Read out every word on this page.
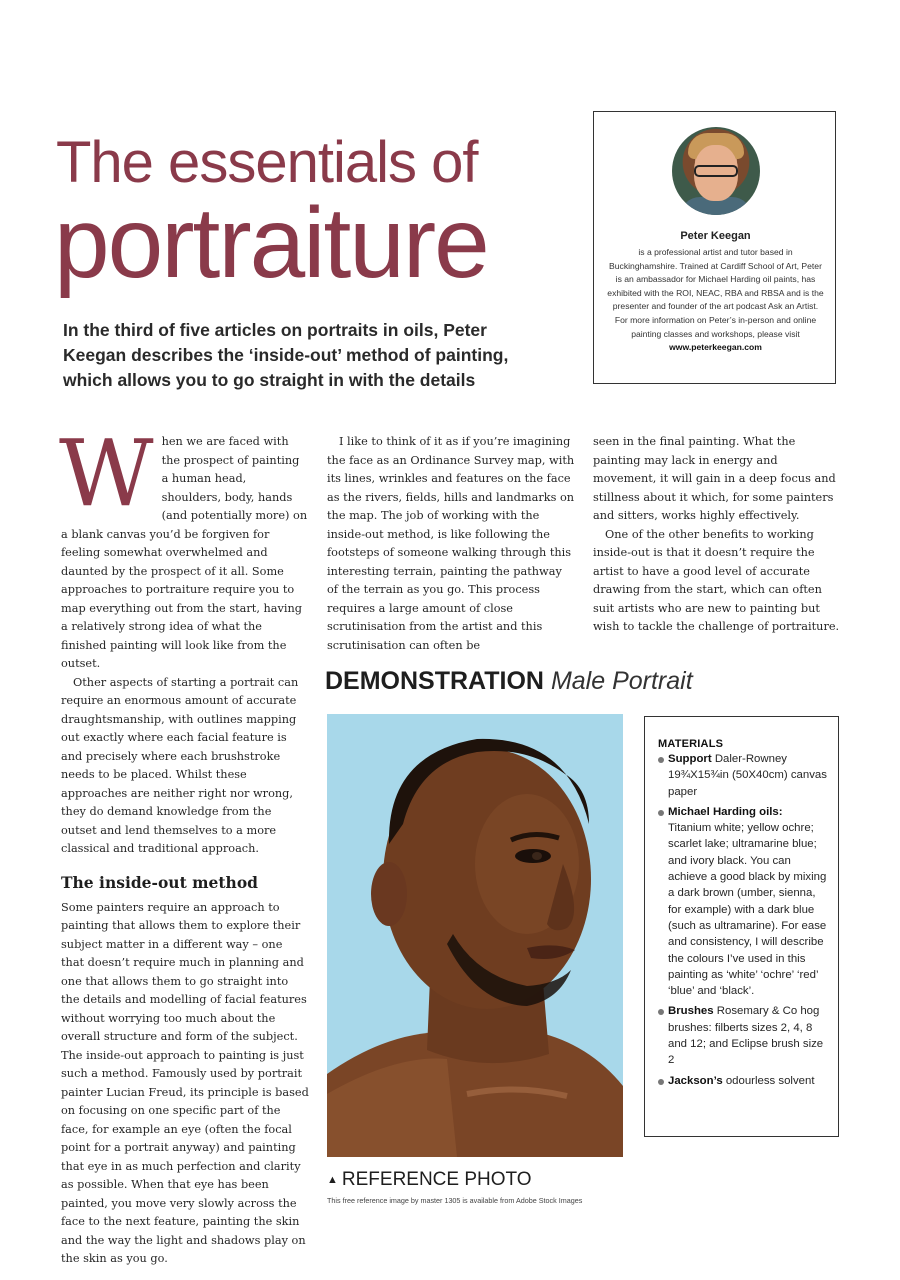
The essentials of
portraiture

In the third of five articles on portraits in oils, Peter Keegan describes the ‘inside-out’ method of painting, which allows you to go straight in with the details

Peter Keegan
is a professional artist and tutor based in Buckinghamshire. Trained at Cardiff School of Art, Peter is an ambassador for Michael Harding oil paints, has exhibited with the ROI, NEAC, RBA and RBSA and is the presenter and founder of the art podcast Ask an Artist. For more information on Peter’s in-person and online painting classes and workshops, please visit www.peterkeegan.com

When we are faced with the prospect of painting a human head, shoulders, body, hands (and potentially more) on a blank canvas you’d be forgiven for feeling somewhat overwhelmed and daunted by the prospect of it all. Some approaches to portraiture require you to map everything out from the start, having a relatively strong idea of what the finished painting will look like from the outset.

Other aspects of starting a portrait can require an enormous amount of accurate draughtsmanship, with outlines mapping out exactly where each facial feature is and precisely where each brushstroke needs to be placed. Whilst these approaches are neither right nor wrong, they do demand knowledge from the outset and lend themselves to a more classical and traditional approach.

The inside-out method

Some painters require an approach to painting that allows them to explore their subject matter in a different way – one that doesn’t require much in planning and one that allows them to go straight into the details and modelling of facial features without worrying too much about the overall structure and form of the subject. The inside-out approach to painting is just such a method. Famously used by portrait painter Lucian Freud, its principle is based on focusing on one specific part of the face, for example an eye (often the focal point for a portrait anyway) and painting that eye in as much perfection and clarity as possible. When that eye has been painted, you move very slowly across the face to the next feature, painting the skin and the way the light and shadows play on the skin as you go.

I like to think of it as if you’re imagining the face as an Ordinance Survey map, with its lines, wrinkles and features on the face as the rivers, fields, hills and landmarks on the map. The job of working with the inside-out method, is like following the footsteps of someone walking through this interesting terrain, painting the pathway of the terrain as you go. This process requires a large amount of close scrutinisation from the artist and this scrutinisation can often be

seen in the final painting. What the painting may lack in energy and movement, it will gain in a deep focus and stillness about it which, for some painters and sitters, works highly effectively.

One of the other benefits to working inside-out is that it doesn’t require the artist to have a good level of accurate drawing from the start, which can often suit artists who are new to painting but wish to tackle the challenge of portraiture.

DEMONSTRATION Male Portrait
▲ REFERENCE PHOTO
This free reference image by master 1305 is available from Adobe Stock Images
MATERIALS
Support Daler-Rowney 19¾X15¾in (50X40cm) canvas paper
Michael Harding oils: Titanium white; yellow ochre; scarlet lake; ultramarine blue; and ivory black. You can achieve a good black by mixing a dark brown (umber, sienna, for example) with a dark blue (such as ultramarine). For ease and consistency, I will describe the colours I’ve used in this painting as ‘white’ ‘ochre’ ‘red’ ‘blue’ and ‘black’.
Brushes Rosemary & Co hog brushes: filberts sizes 2, 4, 8 and 12; and Eclipse brush size 2
Jackson’s odourless solvent
